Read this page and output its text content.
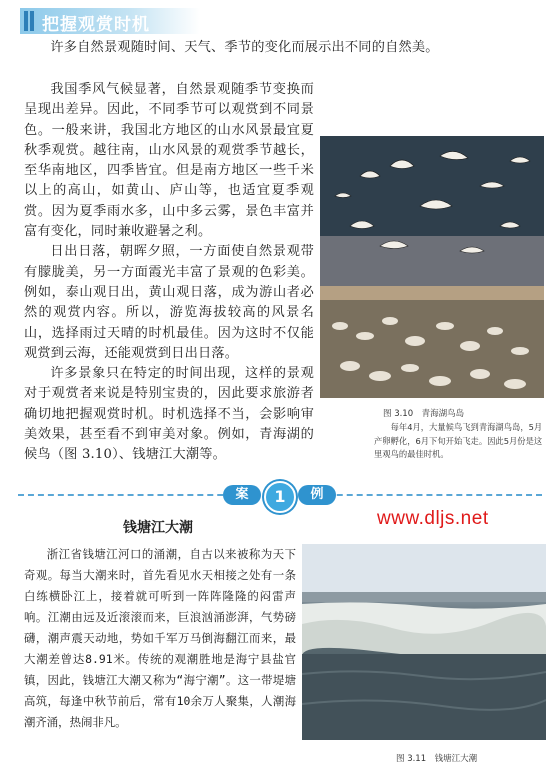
把握观赏时机

许多自然景观随时间、天气、季节的变化而展示出不同的自然美。

我国季风气候显著，自然景观随季节变换而呈现出差异。因此，不同季节可以观赏到不同景色。一般来讲，我国北方地区的山水风景最宜夏秋季观赏。越往南，山水风景的观赏季节越长，至华南地区，四季皆宜。但是南方地区一些千米以上的高山，如黄山、庐山等，也适宜夏季观赏。因为夏季雨水多，山中多云雾，景色丰富并富有变化，同时兼收避暑之利。

日出日落，朝晖夕照，一方面使自然景观带有朦胧美，另一方面霞光丰富了景观的色彩美。例如，泰山观日出，黄山观日落，成为游山者必然的观赏内容。所以，游览海拔较高的风景名山，选择雨过天晴的时机最佳。因为这时不仅能观赏到云海，还能观赏到日出日落。

许多景象只在特定的时间出现，这样的景观对于观赏者来说是特别宝贵的，因此要求旅游者确切地把握观赏时机。时机选择不当，会影响审美效果，甚至看不到审美对象。例如，青海湖的候鸟（图 3.10）、钱塘江大潮等。

图 3.10　青海湖鸟岛

每年4月，大量候鸟飞到青海湖鸟岛，5月产卵孵化，6月下旬开始飞走。因此5月份是这里观鸟的最佳时机。

案	1	例
www.dljs.net
钱塘江大潮

浙江省钱塘江河口的涌潮，自古以来被称为天下奇观。每当大潮来时，首先看见水天相接之处有一条白练横卧江上，接着就可听到一阵阵隆隆的闷雷声响。江潮由远及近滚滚而来，巨浪汹涌澎湃，气势磅礴，潮声震天动地，势如千军万马倒海翻江而来，最大潮差曾达8.91米。传统的观潮胜地是海宁县盐官镇，因此，钱塘江大潮又称为“海宁潮”。这一带堤塘高筑，每逢中秋节前后，常有10余万人聚集，人潮海潮齐涌，热闹非凡。

图 3.11　钱塘江大潮
